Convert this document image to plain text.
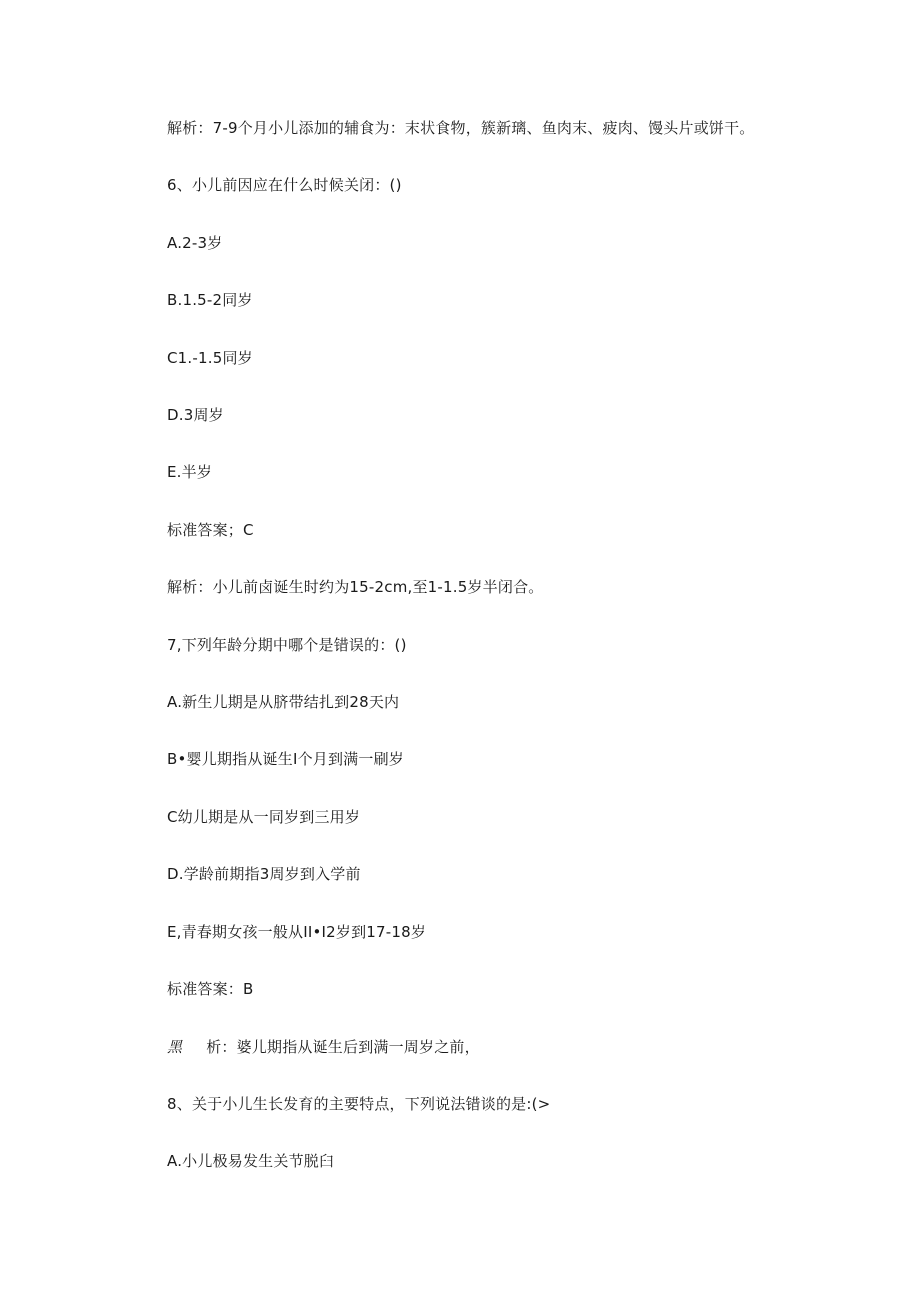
解析：7-9个月小儿添加的辅食为：末状食物，簇新璃、鱼肉末、疲肉、馒头片或饼干。
6、小儿前因应在什么时候关闭：()
A.2-3岁
B.1.5-2同岁
C1.-1.5同岁
D.3周岁
E.半岁
标准答案；C
解析：小儿前卤诞生时约为15-2cm,至1-1.5岁半闭合。
7,下列年龄分期中哪个是错误的：()
A.新生儿期是从脐带结扎到28天内
B•婴儿期指从诞生I个月到满一刷岁
C幼儿期是从一同岁到三用岁
D.学龄前期指3周岁到入学前
E,青春期女孩一般从II•I2岁到17-18岁
标准答案：B
黑 析：婆儿期指从诞生后到满一周岁之前，
8、关于小儿生长发育的主要特点，下列说法错谈的是:(>
A.小儿极易发生关节脱臼
